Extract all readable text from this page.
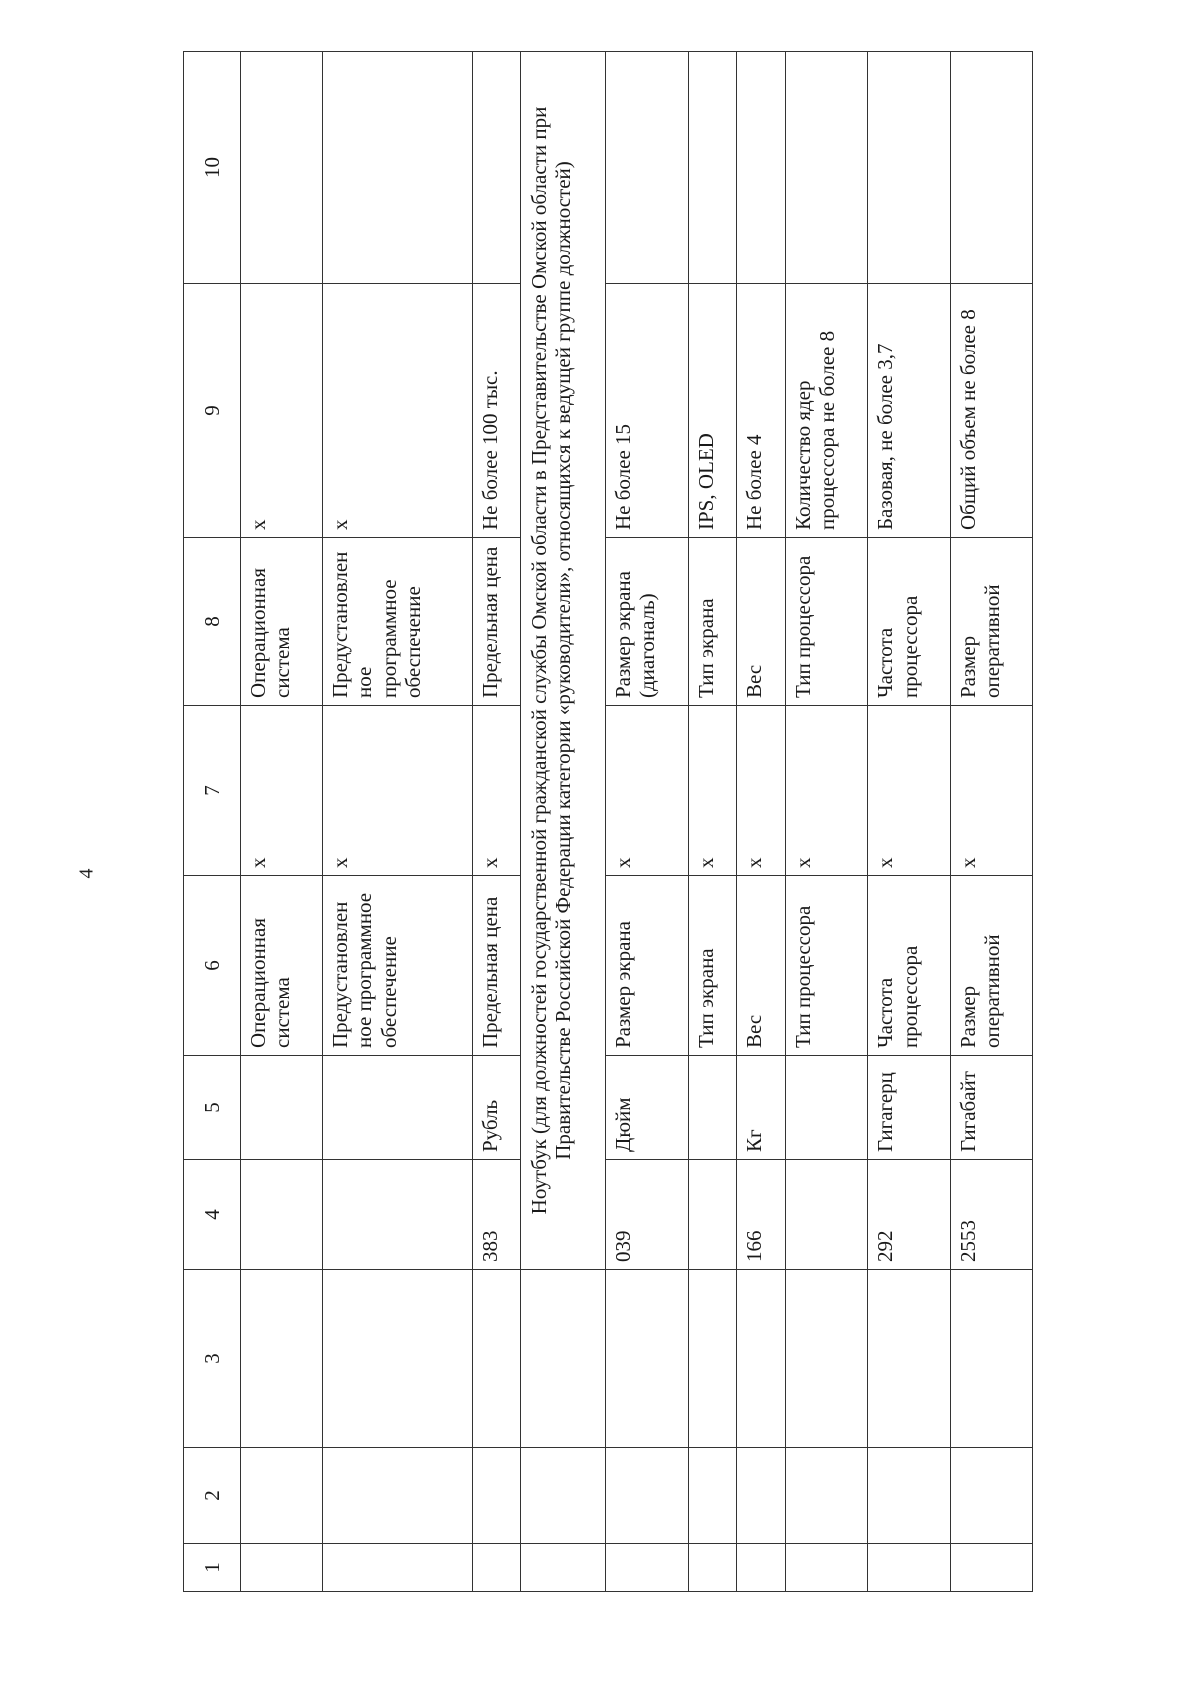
4
1	2	3	4	5	6	7	8	9	10
					Операционная система	x	Операционная система	x	
					Предустановлен ное программное обеспечение	x	Предустановлен ное программное обеспечение	x	
			383	Рубль	Предельная цена	x	Предельная цена	Не более 100 тыс.	
			Ноутбук (для должностей государственной гражданской службы Омской области в Представительстве Омской области при Правительстве Российской Федерации категории «руководители», относящихся к ведущей группе должностей)						
			039	Дюйм	Размер экрана	x	Размер экрана (диагональ)	Не более 15	
					Тип экрана	x	Тип экрана	IPS, OLED	
			166	Кг	Вес	x	Вес	Не более 4	
					Тип процессора	x	Тип процессора	Количество ядер процессора не более 8	
			292	Гигагерц	Частота процессора	x	Частота процессора	Базовая, не более 3,7	
			2553	Гигабайт	Размер оперативной	x	Размер оперативной	Общий объем не более 8	
